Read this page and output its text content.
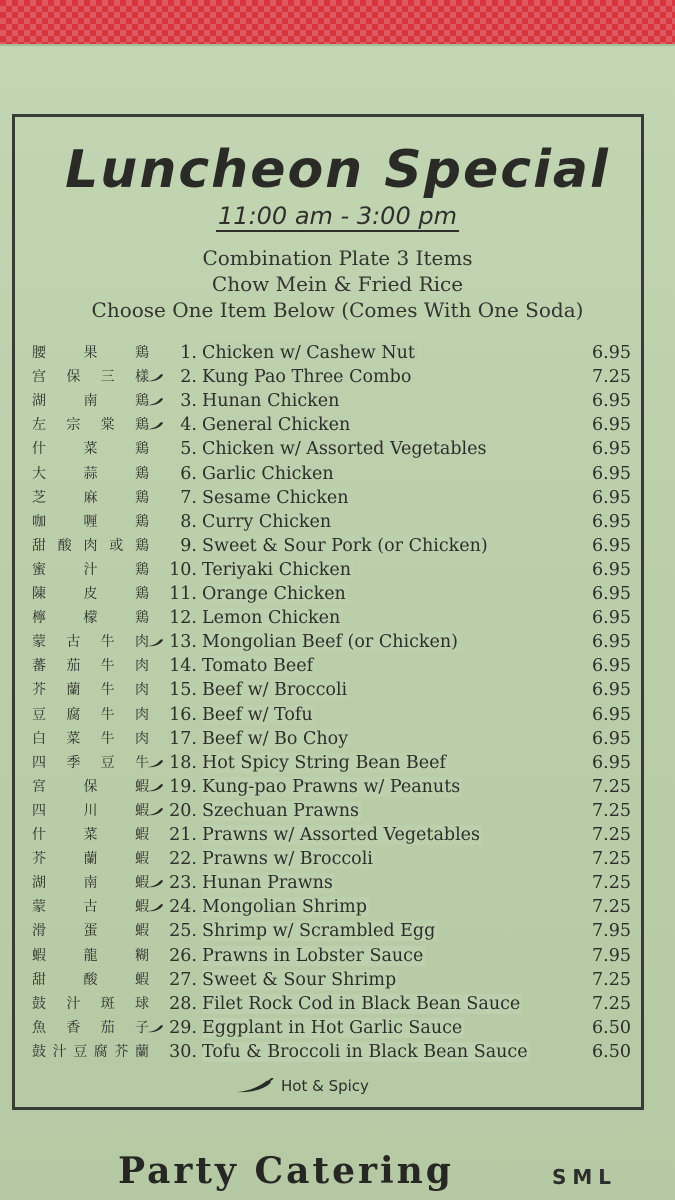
Luncheon Special
11:00 am - 3:00 pm
Combination Plate 3 Items
Chow Mein & Fried Rice
Choose One Item Below (Comes With One Soda)
腰	果	鶏	1. Chicken w/ Cashew Nut .....	6.95
宫 保 三 樣	2. Kung Pao Three Combo .....	7.25
湖	南	鶏	3. Hunan Chicken .....	6.95
左 宗 棠 鶏	4. General Chicken .....	6.95
什	菜	鶏	5. Chicken w/ Assorted Vegetables .....	6.95
大	蒜	鶏	6. Garlic Chicken .....	6.95
芝	麻	鶏	7. Sesame Chicken .....	6.95
咖	喱	鶏	8. Curry Chicken .....	6.95
甜 酸 肉 或 鶏	9. Sweet & Sour Pork (or Chicken) .....	6.95
蜜	汁	鶏	10. Teriyaki Chicken .....	6.95
陳	皮	鶏	11. Orange Chicken .....	6.95
檸	檬	鶏	12. Lemon Chicken .....	6.95
蒙 古 牛 肉	13. Mongolian Beef (or Chicken) .....	6.95
蕃 茄 牛 肉	14. Tomato Beef .....	6.95
芥 蘭 牛 肉	15. Beef w/ Broccoli .....	6.95
豆 腐 牛 肉	16. Beef w/ Tofu .....	6.95
白 菜 牛 肉	17. Beef w/ Bo Choy .....	6.95
四 季 豆 牛	18. Hot Spicy String Bean Beef .....	6.95
宮	保	蝦	19. Kung-pao Prawns w/ Peanuts .....	7.25
四	川	蝦	20. Szechuan Prawns .....	7.25
什	菜	蝦	21. Prawns w/ Assorted Vegetables .....	7.25
芥	蘭	蝦	22. Prawns w/ Broccoli .....	7.25
湖	南	蝦	23. Hunan Prawns .....	7.25
蒙	古	蝦	24. Mongolian Shrimp .....	7.25
滑	蛋	蝦	25. Shrimp w/ Scrambled Egg .....	7.95
蝦	龍	糊	26. Prawns in Lobster Sauce .....	7.95
甜	酸	蝦	27. Sweet & Sour Shrimp .....	7.25
鼓 汁 斑 球	28. Filet Rock Cod in Black Bean Sauce .....	7.25
魚 香 茄 子	29. Eggplant in Hot Garlic Sauce .....	6.50
鼓 汁 豆 腐 芥 蘭	30. Tofu & Broccoli in Black Bean Sauce .....	6.50
Hot & Spicy
Party Catering	SML
